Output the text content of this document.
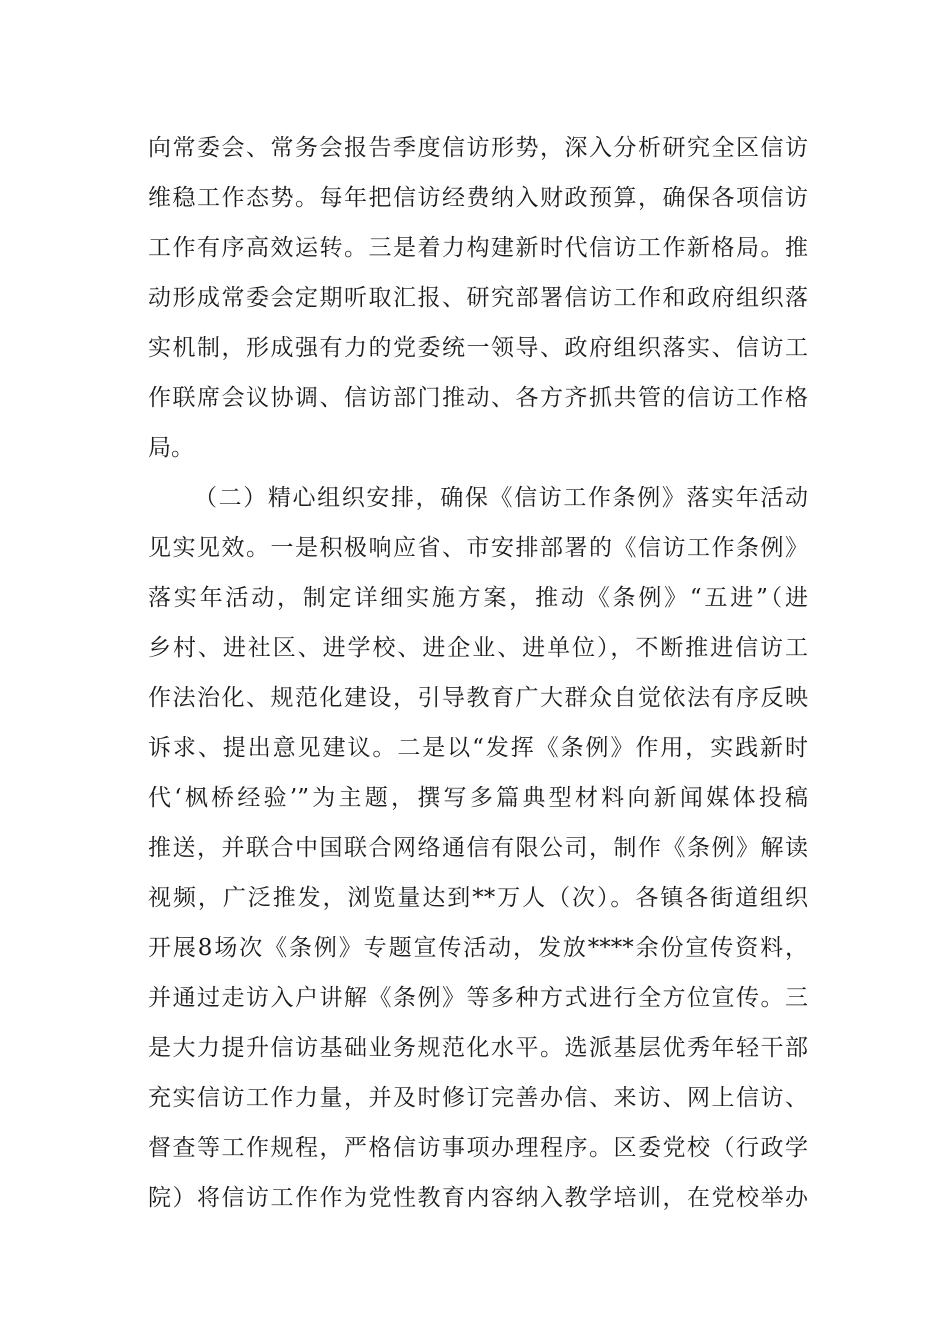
向常委会、常务会报告季度信访形势，深入分析研究全区信访
维稳工作态势。每年把信访经费纳入财政预算，确保各项信访
工作有序高效运转。三是着力构建新时代信访工作新格局。推
动形成常委会定期听取汇报、研究部署信访工作和政府组织落
实机制，形成强有力的党委统一领导、政府组织落实、信访工
作联席会议协调、信访部门推动、各方齐抓共管的信访工作格
局。
（二）精心组织安排，确保《信访工作条例》落实年活动
见实见效。一是积极响应省、市安排部署的《信访工作条例》
落实年活动，制定详细实施方案，推动《条例》“五进”（进
乡村、进社区、进学校、进企业、进单位），不断推进信访工
作法治化、规范化建设，引导教育广大群众自觉依法有序反映
诉求、提出意见建议。二是以“发挥《条例》作用，实践新时
代‘枫桥经验’”为主题，撰写多篇典型材料向新闻媒体投稿
推送，并联合中国联合网络通信有限公司，制作《条例》解读
视频，广泛推发，浏览量达到**万人（次）。各镇各街道组织
开展8场次《条例》专题宣传活动，发放****余份宣传资料，
并通过走访入户讲解《条例》等多种方式进行全方位宣传。三
是大力提升信访基础业务规范化水平。选派基层优秀年轻干部
充实信访工作力量，并及时修订完善办信、来访、网上信访、
督查等工作规程，严格信访事项办理程序。区委党校（行政学
院）将信访工作作为党性教育内容纳入教学培训，在党校举办
